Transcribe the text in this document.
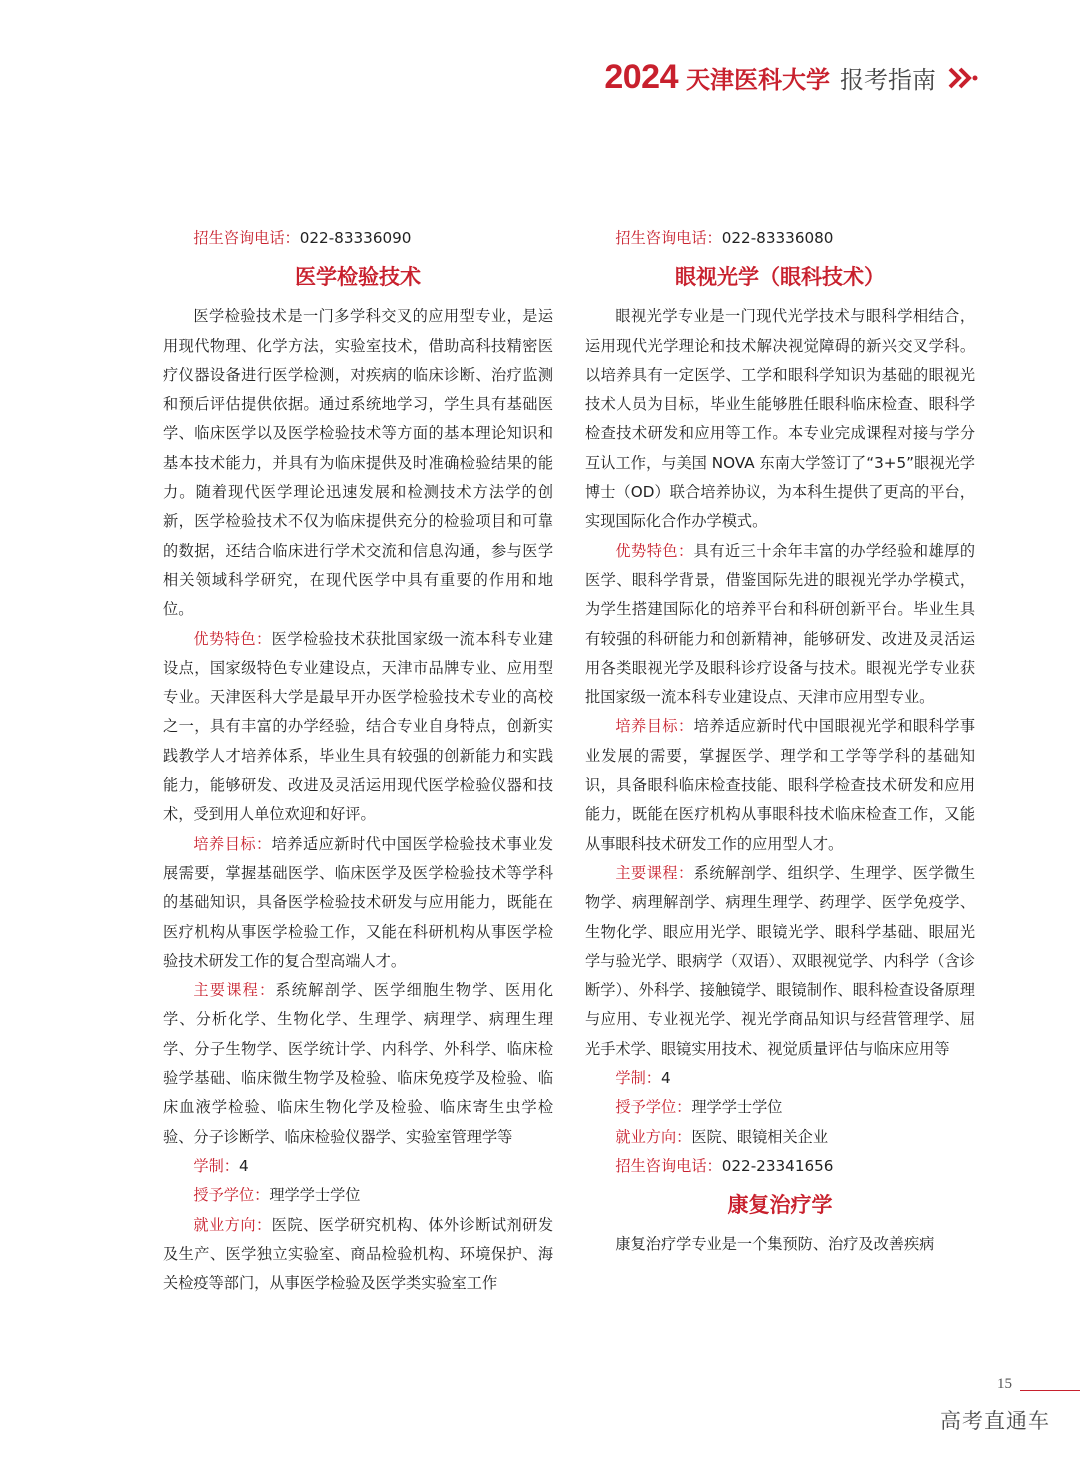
2024 天津医科大学 报考指南

招生咨询电话：022-83336090

医学检验技术

医学检验技术是一门多学科交叉的应用型专业，是运用现代物理、化学方法，实验室技术，借助高科技精密医疗仪器设备进行医学检测，对疾病的临床诊断、治疗监测和预后评估提供依据。通过系统地学习，学生具有基础医学、临床医学以及医学检验技术等方面的基本理论知识和基本技术能力，并具有为临床提供及时准确检验结果的能力。随着现代医学理论迅速发展和检测技术方法学的创新，医学检验技术不仅为临床提供充分的检验项目和可靠的数据，还结合临床进行学术交流和信息沟通，参与医学相关领域科学研究，在现代医学中具有重要的作用和地位。

优势特色：医学检验技术获批国家级一流本科专业建设点，国家级特色专业建设点，天津市品牌专业、应用型专业。天津医科大学是最早开办医学检验技术专业的高校之一，具有丰富的办学经验，结合专业自身特点，创新实践教学人才培养体系，毕业生具有较强的创新能力和实践能力，能够研发、改进及灵活运用现代医学检验仪器和技术，受到用人单位欢迎和好评。

培养目标：培养适应新时代中国医学检验技术事业发展需要，掌握基础医学、临床医学及医学检验技术等学科的基础知识，具备医学检验技术研发与应用能力，既能在医疗机构从事医学检验工作，又能在科研机构从事医学检验技术研发工作的复合型高端人才。

主要课程：系统解剖学、医学细胞生物学、医用化学、分析化学、生物化学、生理学、病理学、病理生理学、分子生物学、医学统计学、内科学、外科学、临床检验学基础、临床微生物学及检验、临床免疫学及检验、临床血液学检验、临床生物化学及检验、临床寄生虫学检验、分子诊断学、临床检验仪器学、实验室管理学等

学制：4

授予学位：理学学士学位

就业方向：医院、医学研究机构、体外诊断试剂研发及生产、医学独立实验室、商品检验机构、环境保护、海关检疫等部门，从事医学检验及医学类实验室工作

招生咨询电话：022-83336080

眼视光学（眼科技术）

眼视光学专业是一门现代光学技术与眼科学相结合，运用现代光学理论和技术解决视觉障碍的新兴交叉学科。以培养具有一定医学、工学和眼科学知识为基础的眼视光技术人员为目标，毕业生能够胜任眼科临床检查、眼科学检查技术研发和应用等工作。本专业完成课程对接与学分互认工作，与美国 NOVA 东南大学签订了“3+5”眼视光学博士（OD）联合培养协议，为本科生提供了更高的平台，实现国际化合作办学模式。

优势特色：具有近三十余年丰富的办学经验和雄厚的医学、眼科学背景，借鉴国际先进的眼视光学办学模式，为学生搭建国际化的培养平台和科研创新平台。毕业生具有较强的科研能力和创新精神，能够研发、改进及灵活运用各类眼视光学及眼科诊疗设备与技术。眼视光学专业获批国家级一流本科专业建设点、天津市应用型专业。

培养目标：培养适应新时代中国眼视光学和眼科学事业发展的需要，掌握医学、理学和工学等学科的基础知识，具备眼科临床检查技能、眼科学检查技术研发和应用能力，既能在医疗机构从事眼科技术临床检查工作，又能从事眼科技术研发工作的应用型人才。

主要课程：系统解剖学、组织学、生理学、医学微生物学、病理解剖学、病理生理学、药理学、医学免疫学、生物化学、眼应用光学、眼镜光学、眼科学基础、眼屈光学与验光学、眼病学（双语）、双眼视觉学、内科学（含诊断学）、外科学、接触镜学、眼镜制作、眼科检查设备原理与应用、专业视光学、视光学商品知识与经营管理学、屈光手术学、眼镜实用技术、视觉质量评估与临床应用等

学制：4

授予学位：理学学士学位

就业方向：医院、眼镜相关企业

招生咨询电话：022-23341656

康复治疗学

康复治疗学专业是一个集预防、治疗及改善疾病

15
高考直通车
